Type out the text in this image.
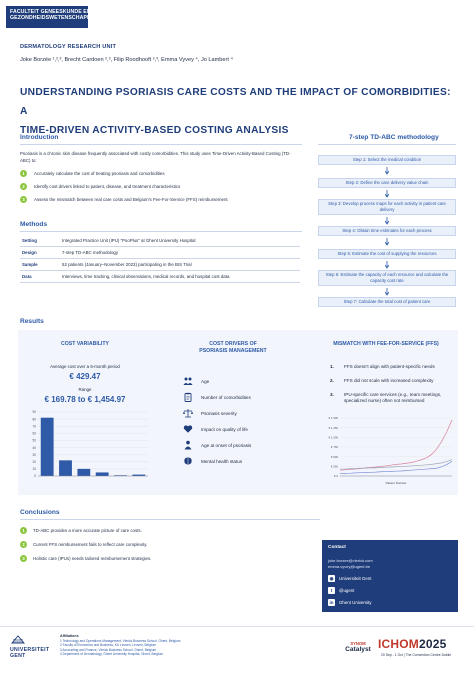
FACULTEIT GENEESKUNDE EN
GEZONDHEIDSWETENSCHAPPEN
DERMATOLOGY RESEARCH UNIT
Joke Borzée ¹,²,³, Brecht Cardoen ²,³, Filip Roodhooft ²,³, Emma Vyvey ⁴, Jo Lambert ⁴
UNDERSTANDING PSORIASIS CARE COSTS AND THE IMPACT OF COMORBIDITIES: A
TIME-DRIVEN ACTIVITY-BASED COSTING ANALYSIS
Introduction
Psoriasis is a chronic skin disease frequently associated with costly comorbidities. This study uses Time-Driven Activity-Based Costing (TD-ABC) to:
1	Accurately calculate the cost of treating psoriasis and comorbidities
2	Identify cost drivers linked to patient, disease, and treatment characteristics
3	Assess the mismatch between real care costs and Belgium's Fee-For-Service (FFS) reimbursement
Methods
Setting	Integrated Practice Unit (IPU) "PsoPlus" at Ghent University Hospital
Design	7-step TD-ABC methodology
Sample	52 patients (January–November 2023) participating in the BIS Trial
Data	Interviews, time tracking, clinical observations, medical records, and hospital cost data
7-step TD-ABC methodology
Step 1: Select the medical condition
Step 2: Define the care delivery value chain
Step 3: Develop process maps for each activity in patient care delivery
Step 4: Obtain time estimates for each process
Step 5: Estimate the cost of supplying the resources
Step 6: Estimate the capacity of each resource and calculate the capacity cost rate
Step 7: Calculate the total cost of patient care
Results
COST VARIABILITY
Average cost over a 6-month period
€ 429.47
Range
€ 169.78 to € 1,454.97
0
10
20
30
40
50
60
70
80
90
COST DRIVERS OF
PSORIASIS MANAGEMENT
Age
Number of comorbidities
Psoriasis severity
Impact on quality of life
Age at onset of psoriasis
Mental health status
MISMATCH WITH FEE-FOR-SERVICE (FFS)
1. FFS doesn't align with patient-specific needs
2. FFS did not scale with increased complexity
3. IPU-specific care services (e.g., team meetings, specialized nurse) often not reimbursed
€ 0
€ 250
€ 500
€ 750
€ 1,000
€ 1,250
€ 1,500
Patient Number
Conclusions
1	TD-ABC provides a more accurate picture of care costs.
2	Current FFS reimbursement fails to reflect care complexity.
3	Holistic care (IPUs) needs tailored reimbursement strategies.
Contact
joke.borzee@vlerick.com
emma.vyvey@ugent.be
◉	Universiteit Gent
t	@ugent
in	Ghent University
UNIVERSITEIT
GENT
Affiliations
1 Technology and Operations Management, Vlerick Business School, Ghent, Belgium
2 Faculty of Economics and Business, KU Leuven, Leuven, Belgium
3 Accounting and Finance, Vlerick Business School, Ghent, Belgium
4 Department of Dermatology, Ghent University Hospital, Ghent, Belgium
SYNOM
Catalyst ICHOM2025
20 Sep - 1 Oct | The Convention Centre Dublin
